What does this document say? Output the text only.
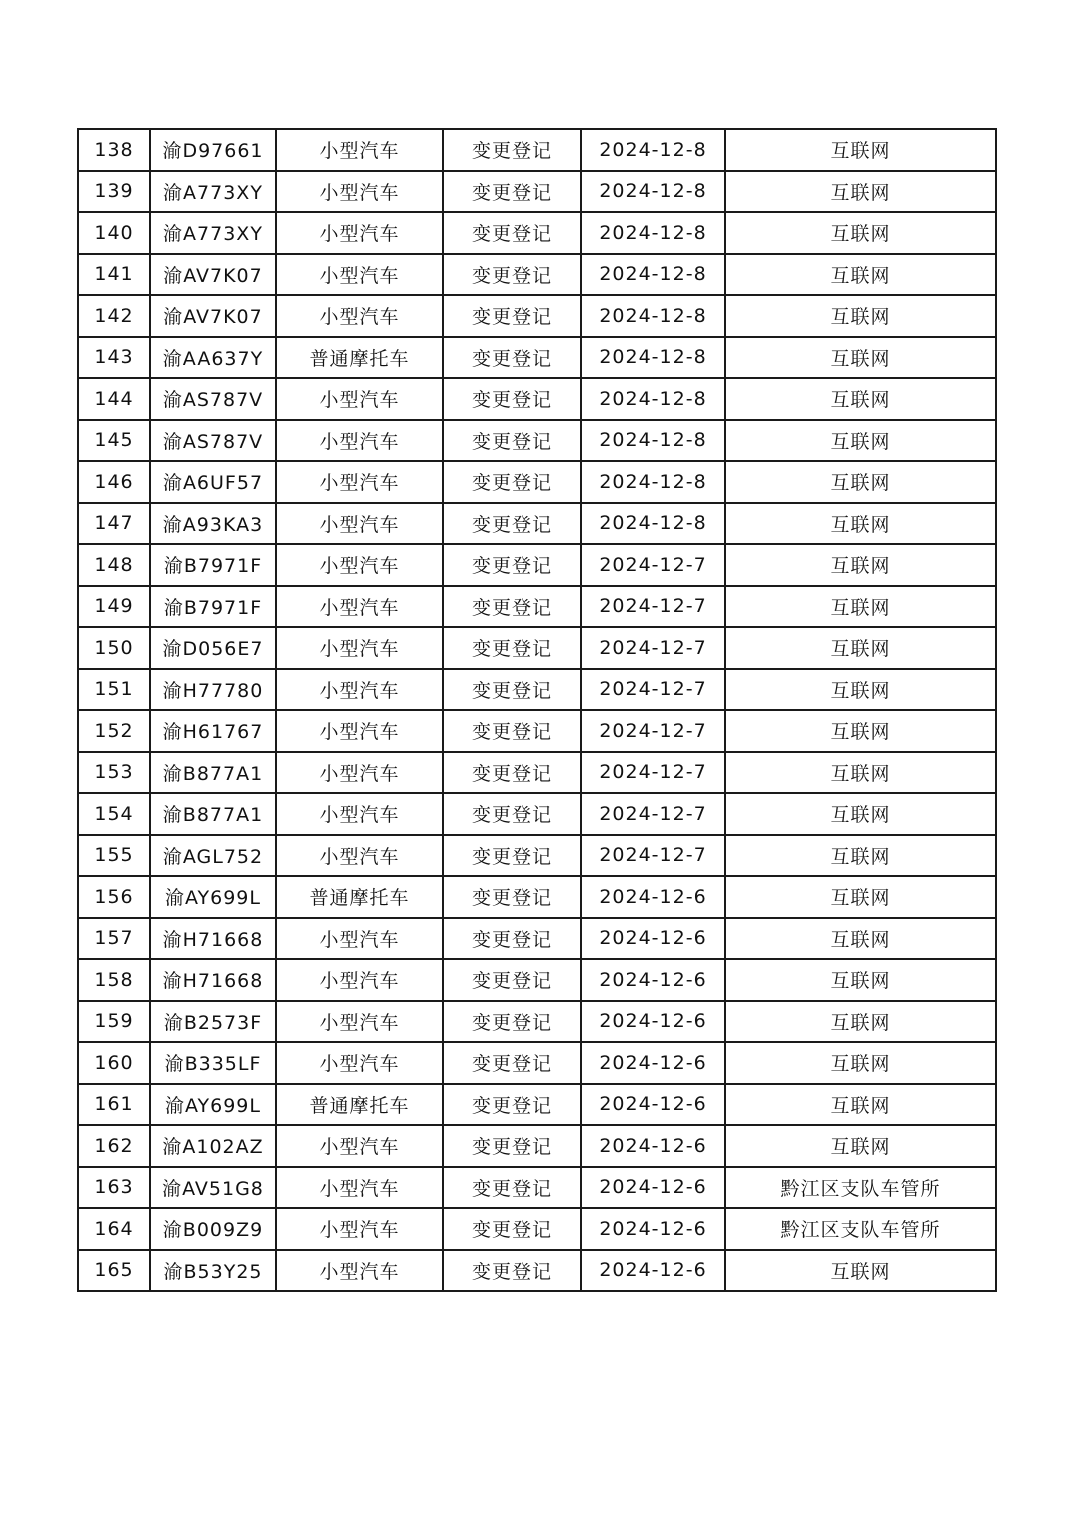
138	渝D97661	小型汽车	变更登记	2024-12-8	互联网
139	渝A773XY	小型汽车	变更登记	2024-12-8	互联网
140	渝A773XY	小型汽车	变更登记	2024-12-8	互联网
141	渝AV7K07	小型汽车	变更登记	2024-12-8	互联网
142	渝AV7K07	小型汽车	变更登记	2024-12-8	互联网
143	渝AA637Y	普通摩托车	变更登记	2024-12-8	互联网
144	渝AS787V	小型汽车	变更登记	2024-12-8	互联网
145	渝AS787V	小型汽车	变更登记	2024-12-8	互联网
146	渝A6UF57	小型汽车	变更登记	2024-12-8	互联网
147	渝A93KA3	小型汽车	变更登记	2024-12-8	互联网
148	渝B7971F	小型汽车	变更登记	2024-12-7	互联网
149	渝B7971F	小型汽车	变更登记	2024-12-7	互联网
150	渝D056E7	小型汽车	变更登记	2024-12-7	互联网
151	渝H77780	小型汽车	变更登记	2024-12-7	互联网
152	渝H61767	小型汽车	变更登记	2024-12-7	互联网
153	渝B877A1	小型汽车	变更登记	2024-12-7	互联网
154	渝B877A1	小型汽车	变更登记	2024-12-7	互联网
155	渝AGL752	小型汽车	变更登记	2024-12-7	互联网
156	渝AY699L	普通摩托车	变更登记	2024-12-6	互联网
157	渝H71668	小型汽车	变更登记	2024-12-6	互联网
158	渝H71668	小型汽车	变更登记	2024-12-6	互联网
159	渝B2573F	小型汽车	变更登记	2024-12-6	互联网
160	渝B335LF	小型汽车	变更登记	2024-12-6	互联网
161	渝AY699L	普通摩托车	变更登记	2024-12-6	互联网
162	渝A102AZ	小型汽车	变更登记	2024-12-6	互联网
163	渝AV51G8	小型汽车	变更登记	2024-12-6	黔江区支队车管所
164	渝B009Z9	小型汽车	变更登记	2024-12-6	黔江区支队车管所
165	渝B53Y25	小型汽车	变更登记	2024-12-6	互联网
